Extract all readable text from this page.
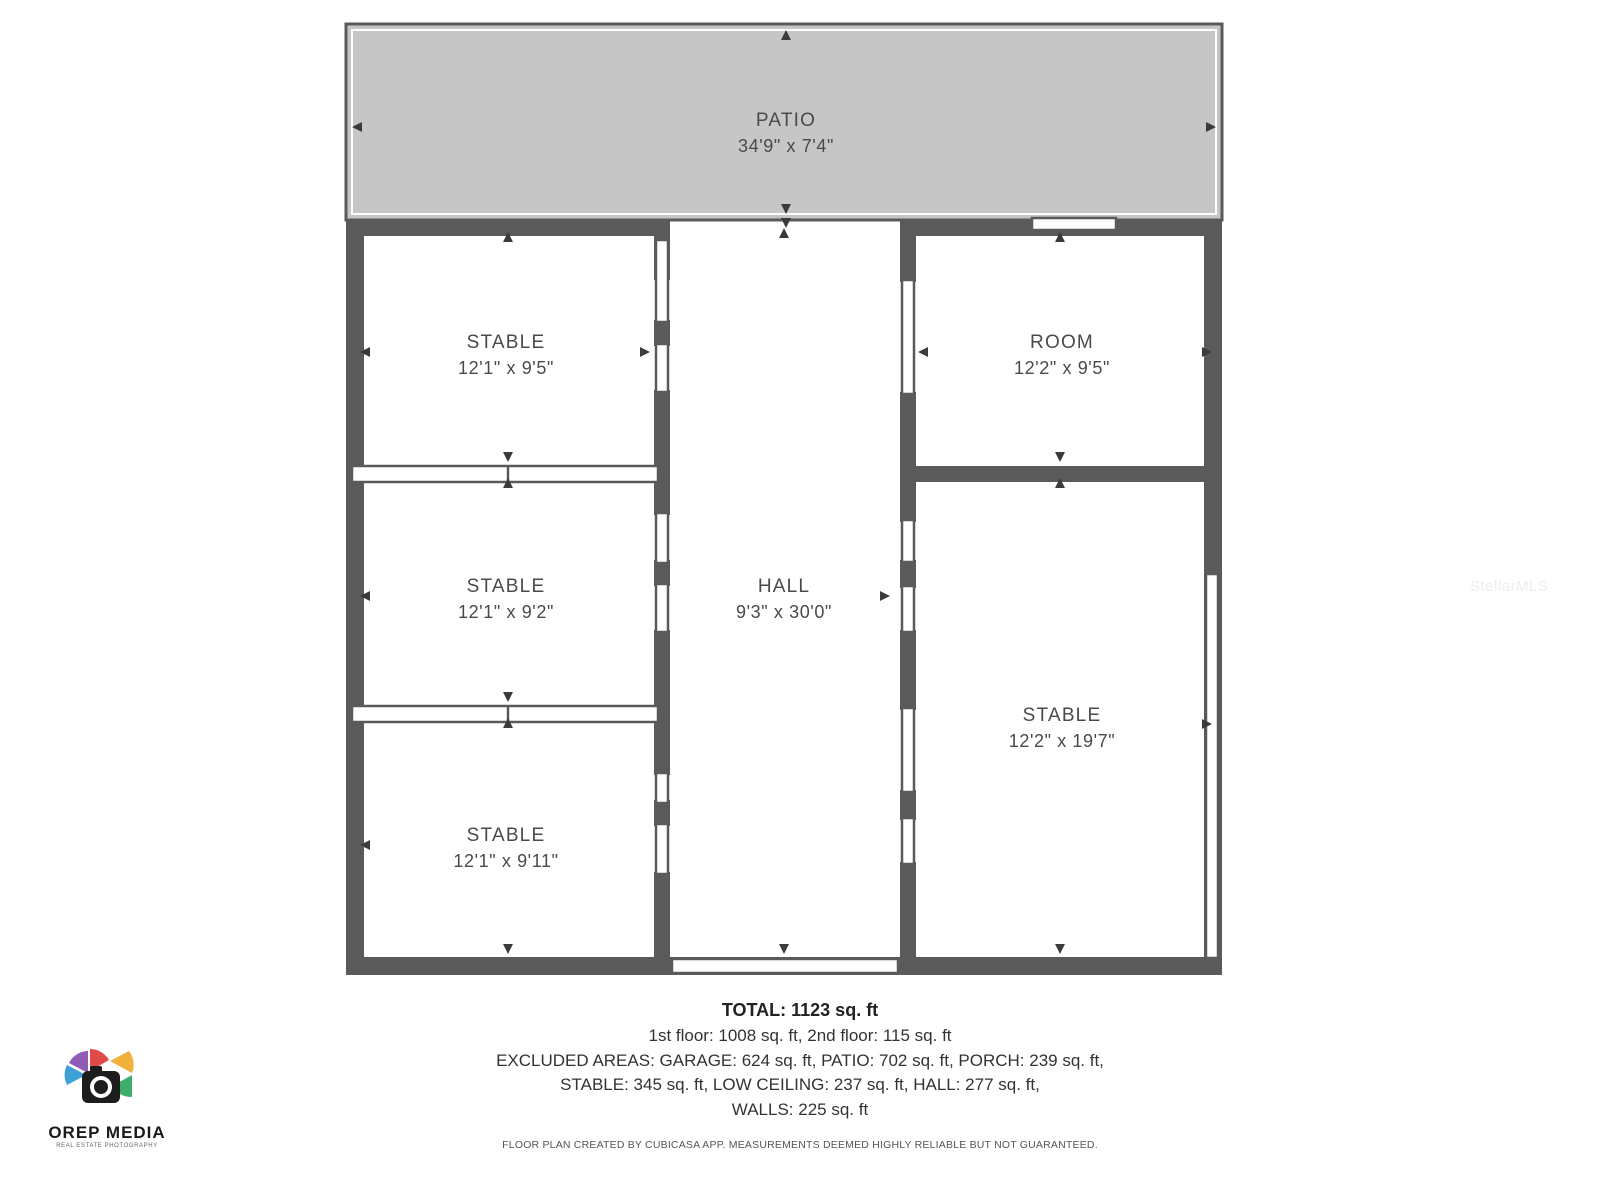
PATIO
34'9" x 7'4"
STABLE
12'1" x 9'5"
ROOM
12'2" x 9'5"
STABLE
12'1" x 9'2"
HALL
9'3" x 30'0"
STABLE
12'2" x 19'7"
STABLE
12'1" x 9'11"
StellarMLS
TOTAL: 1123 sq. ft
1st floor: 1008 sq. ft, 2nd floor: 115 sq. ft
EXCLUDED AREAS: GARAGE: 624 sq. ft, PATIO: 702 sq. ft, PORCH: 239 sq. ft,
STABLE: 345 sq. ft, LOW CEILING: 237 sq. ft, HALL: 277 sq. ft,
WALLS: 225 sq. ft
FLOOR PLAN CREATED BY CUBICASA APP. MEASUREMENTS DEEMED HIGHLY RELIABLE BUT NOT GUARANTEED.
OREP MEDIA
REAL ESTATE PHOTOGRAPHY
